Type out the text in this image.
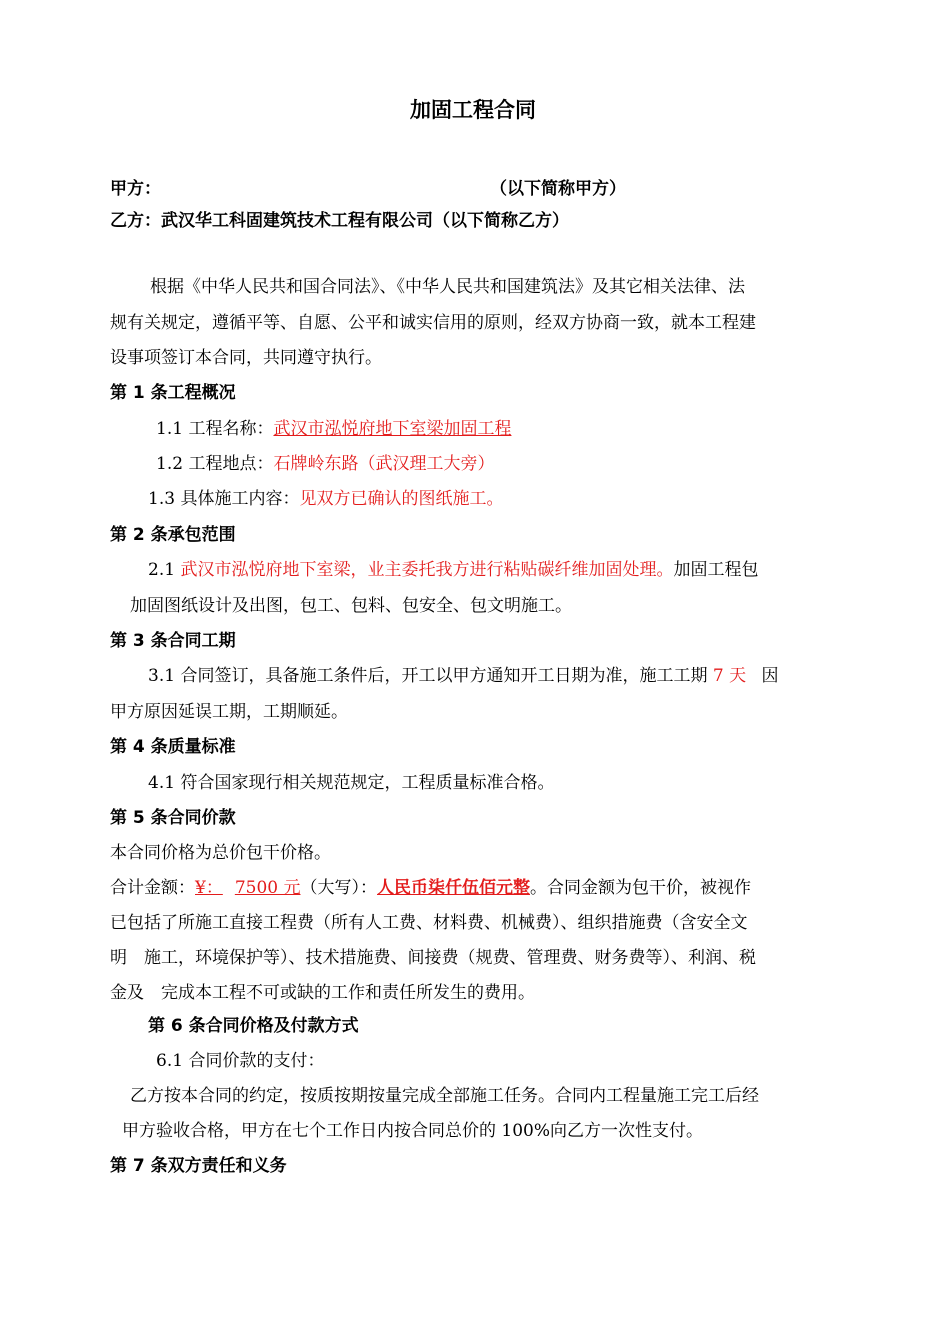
加固工程合同
甲方：	（以下简称甲方）
乙方：武汉华工科固建筑技术工程有限公司（以下简称乙方）
根据《中华人民共和国合同法》、《中华人民共和国建筑法》及其它相关法律、法
规有关规定，遵循平等、自愿、公平和诚实信用的原则，经双方协商一致，就本工程建
设事项签订本合同，共同遵守执行。
第 1 条工程概况
1.1 工程名称：武汉市泓悦府地下室梁加固工程
1.2 工程地点：石牌岭东路（武汉理工大旁）
1.3 具体施工内容：见双方已确认的图纸施工。
第 2 条承包范围
2.1 武汉市泓悦府地下室梁，业主委托我方进行粘贴碳纤维加固处理。加固工程包
加固图纸设计及出图，包工、包料、包安全、包文明施工。
第 3 条合同工期
3.1 合同签订，具备施工条件后，开工以甲方通知开工日期为准，施工工期 7 天 因
甲方原因延误工期，工期顺延。
第 4 条质量标准
4.1 符合国家现行相关规范规定，工程质量标准合格。
第 5 条合同价款
本合同价格为总价包干价格。
合计金额：¥： 7500 元（大写）：人民币柒仟伍佰元整。合同金额为包干价，被视作
已包括了所施工直接工程费（所有人工费、材料费、机械费）、组织措施费（含安全文
明　施工，环境保护等）、技术措施费、间接费（规费、管理费、财务费等）、利润、税
金及　完成本工程不可或缺的工作和责任所发生的费用。
第 6 条合同价格及付款方式
6.1 合同价款的支付：
乙方按本合同的约定，按质按期按量完成全部施工任务。合同内工程量施工完工后经
甲方验收合格，甲方在七个工作日内按合同总价的 100%向乙方一次性支付。
第 7 条双方责任和义务
